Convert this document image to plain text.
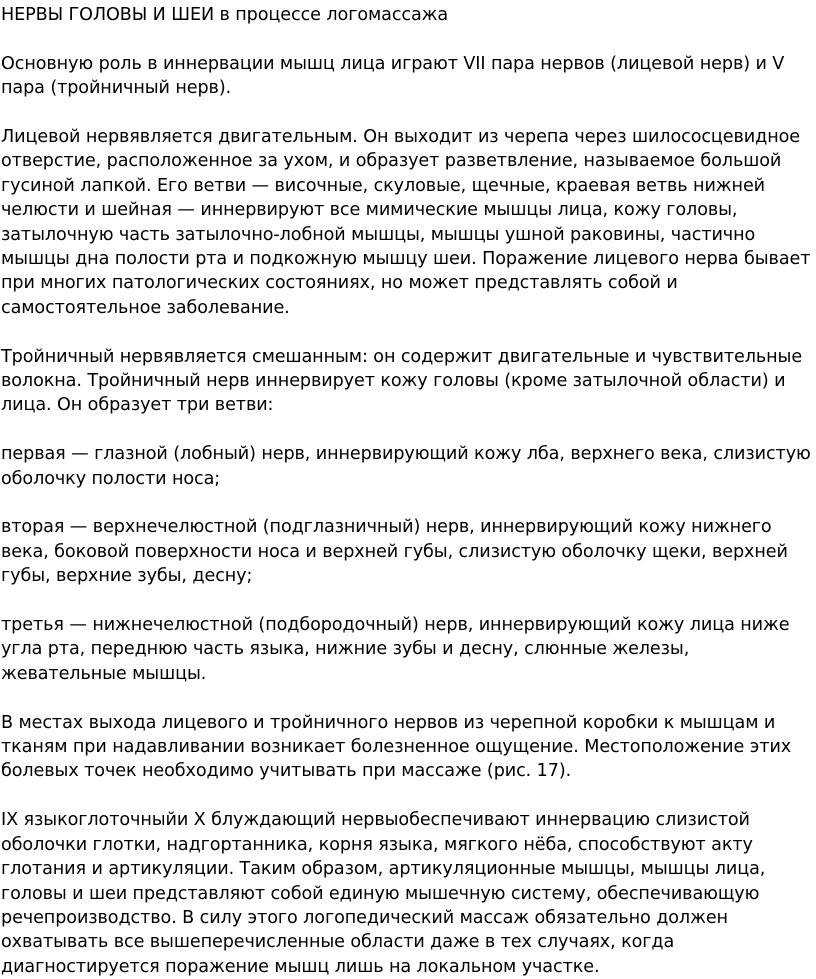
НЕРВЫ ГОЛОВЫ И ШЕИ в процессе логомассажа

Основную роль в иннервации мышц лица играют VII пара нервов (лицевой нерв) и V пара (тройничный нерв).

Лицевой нервявляется двигательным. Он выходит из черепа через шилососцевидное отверстие, расположенное за ухом, и образует разветвление, называемое большой гусиной лапкой. Его ветви — височные, скуловые, щечные, краевая ветвь нижней челюсти и шейная — иннервируют все мимические мышцы лица, кожу головы, затылочную часть затылочно-лобной мышцы, мышцы ушной раковины, частично мышцы дна полости рта и подкожную мышцу шеи. Поражение лицевого нерва бывает при многих патологических состояниях, но может представлять собой и самостоятельное заболевание.

Тройничный нервявляется смешанным: он содержит двигательные и чувствительные волокна. Тройничный нерв иннервирует кожу головы (кроме затылочной области) и лица. Он образует три ветви:

первая — глазной (лобный) нерв, иннервирующий кожу лба, верхнего века, слизистую оболочку полости носа;

вторая — верхнечелюстной (подглазничный) нерв, иннервирующий кожу нижнего века, боковой поверхности носа и верхней губы, слизистую оболочку щеки, верхней губы, верхние зубы, десну;

третья — нижнечелюстной (подбородочный) нерв, иннервирующий кожу лица ниже угла рта, переднюю часть языка, нижние зубы и десну, слюнные железы, жевательные мышцы.

В местах выхода лицевого и тройничного нервов из черепной коробки к мышцам и тканям при надавливании возникает болезненное ощущение. Местоположение этих болевых точек необходимо учитывать при массаже (рис. 17).

IX языкоглоточныйи X блуждающий нервыобеспечивают иннервацию слизистой оболочки глотки, надгортанника, корня языка, мягкого нёба, способствуют акту глотания и артикуляции. Таким образом, артикуляционные мышцы, мышцы лица, головы и шеи представляют собой единую мышечную систему, обеспечивающую речепроизводство. В силу этого логопедический массаж обязательно должен охватывать все вышеперечисленные области даже в тех случаях, когда диагностируется поражение мышц лишь на локальном участке.
